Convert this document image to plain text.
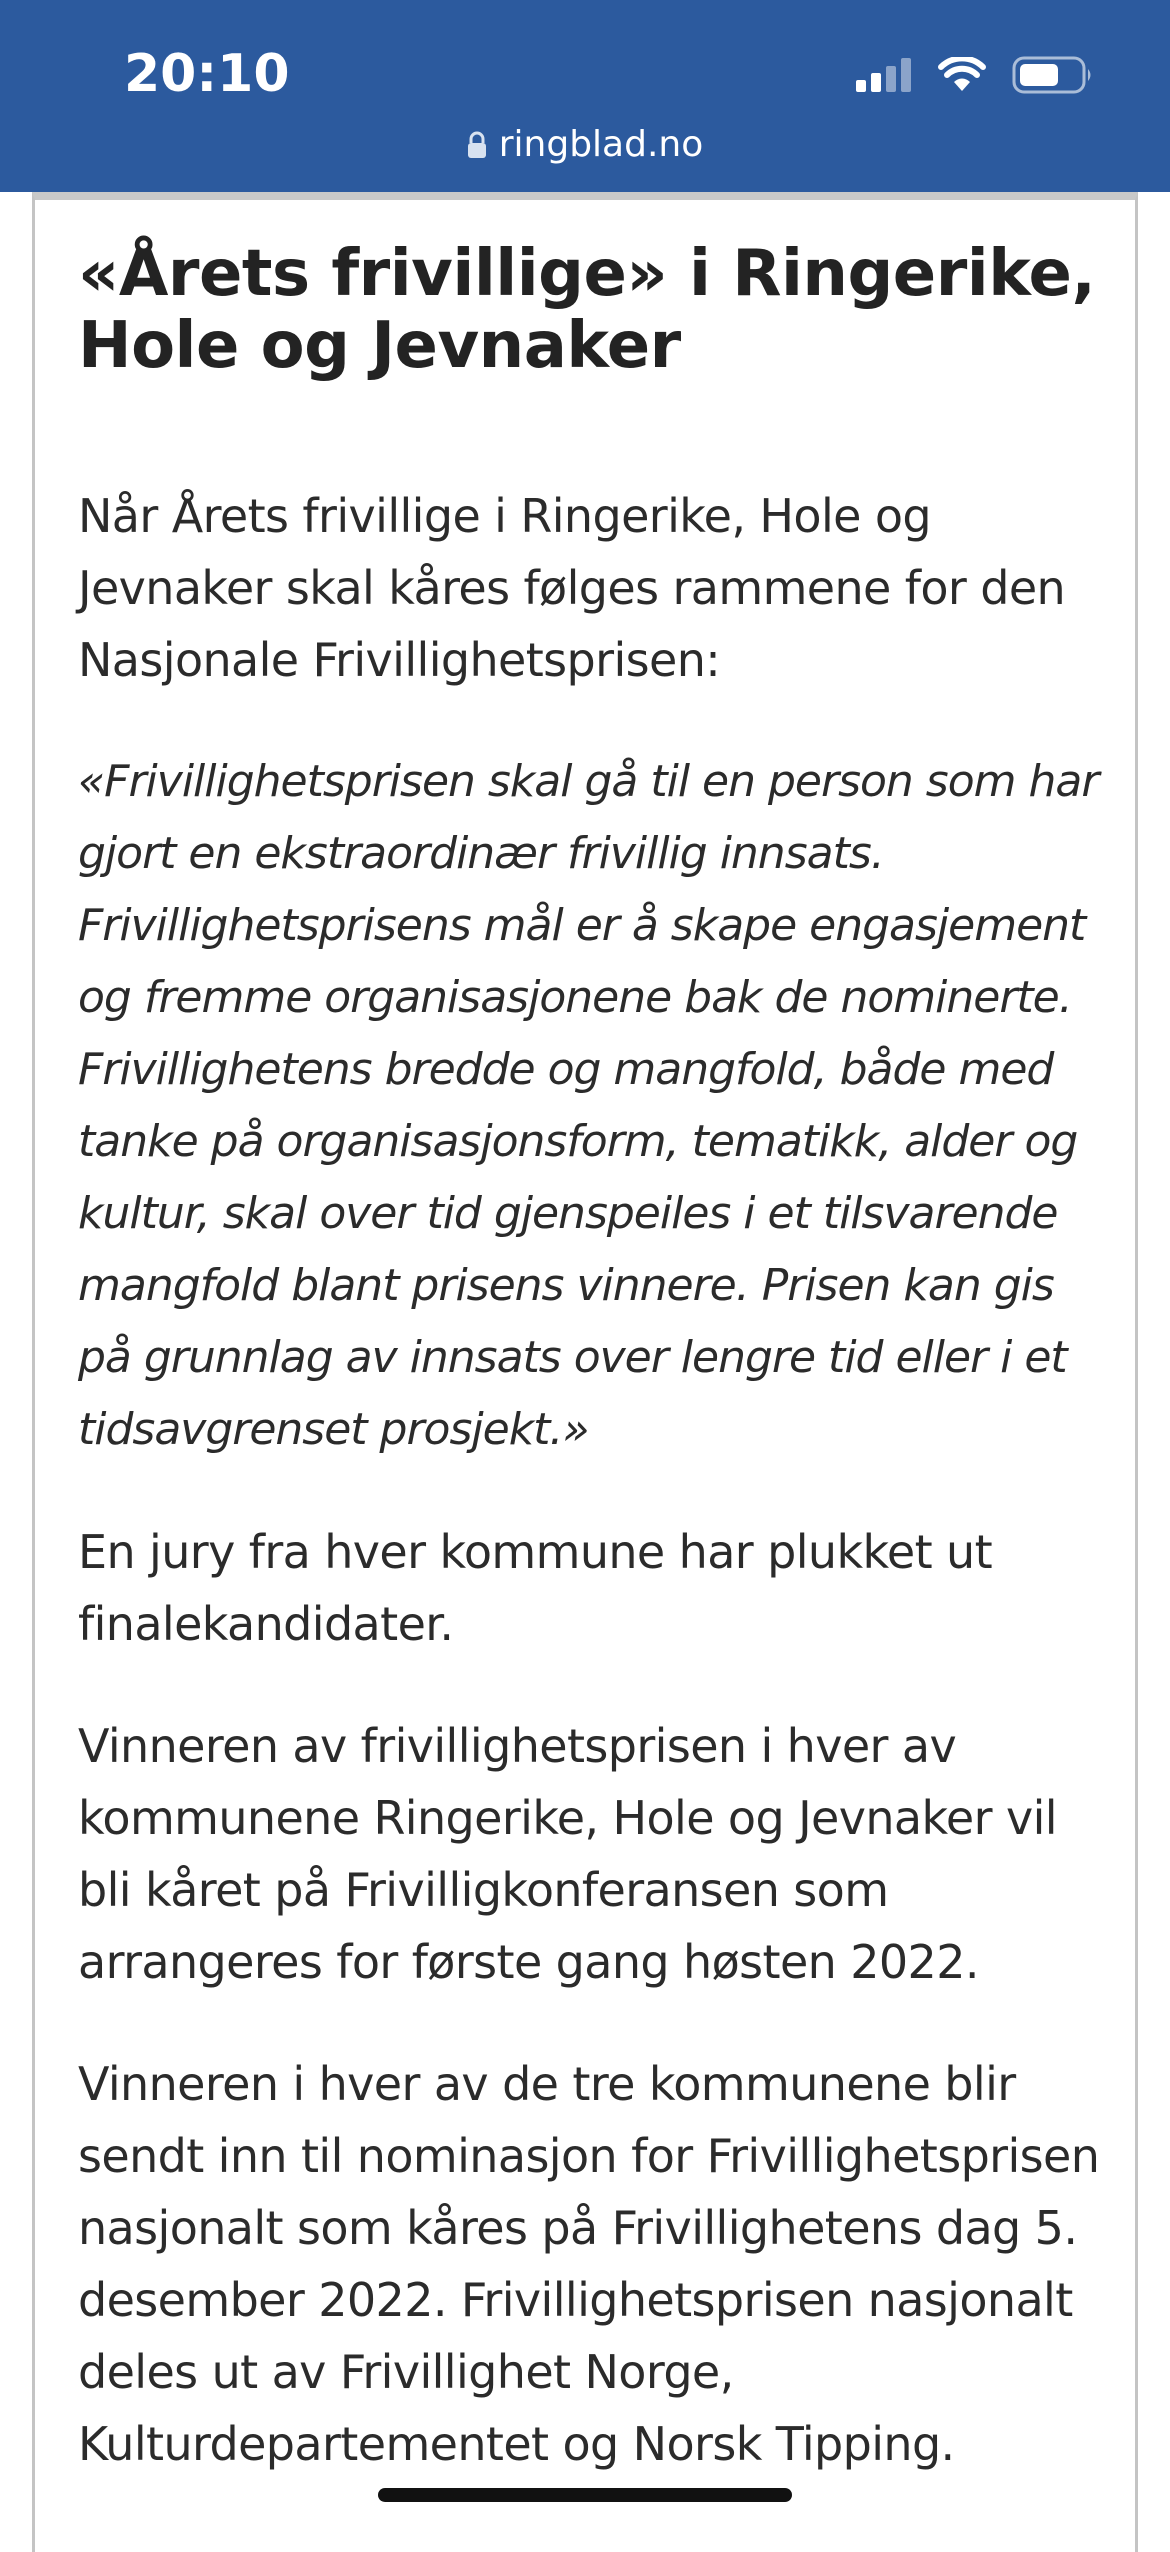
20:10
ringblad.no
«Årets frivillige» i Ringerike, Hole og Jevnaker

Når Årets frivillige i Ringerike, Hole og Jevnaker skal kåres følges rammene for den Nasjonale Frivillighetsprisen:

«Frivillighetsprisen skal gå til en person som har gjort en ekstraordinær frivillig innsats. Frivillighetsprisens mål er å skape engasjement og fremme organisasjonene bak de nominerte. Frivillighetens bredde og mangfold, både med tanke på organisasjonsform, tematikk, alder og kultur, skal over tid gjenspeiles i et tilsvarende mangfold blant prisens vinnere. Prisen kan gis på grunnlag av innsats over lengre tid eller i et tidsavgrenset prosjekt.»

En jury fra hver kommune har plukket ut finalekandidater.

Vinneren av frivillighetsprisen i hver av kommunene Ringerike, Hole og Jevnaker vil bli kåret på Frivilligkonferansen som arrangeres for første gang høsten 2022.

Vinneren i hver av de tre kommunene blir sendt inn til nominasjon for Frivillighetsprisen nasjonalt som kåres på Frivillighetens dag 5. desember 2022. Frivillighetsprisen nasjonalt deles ut av Frivillighet Norge, Kulturdepartementet og Norsk Tipping.
